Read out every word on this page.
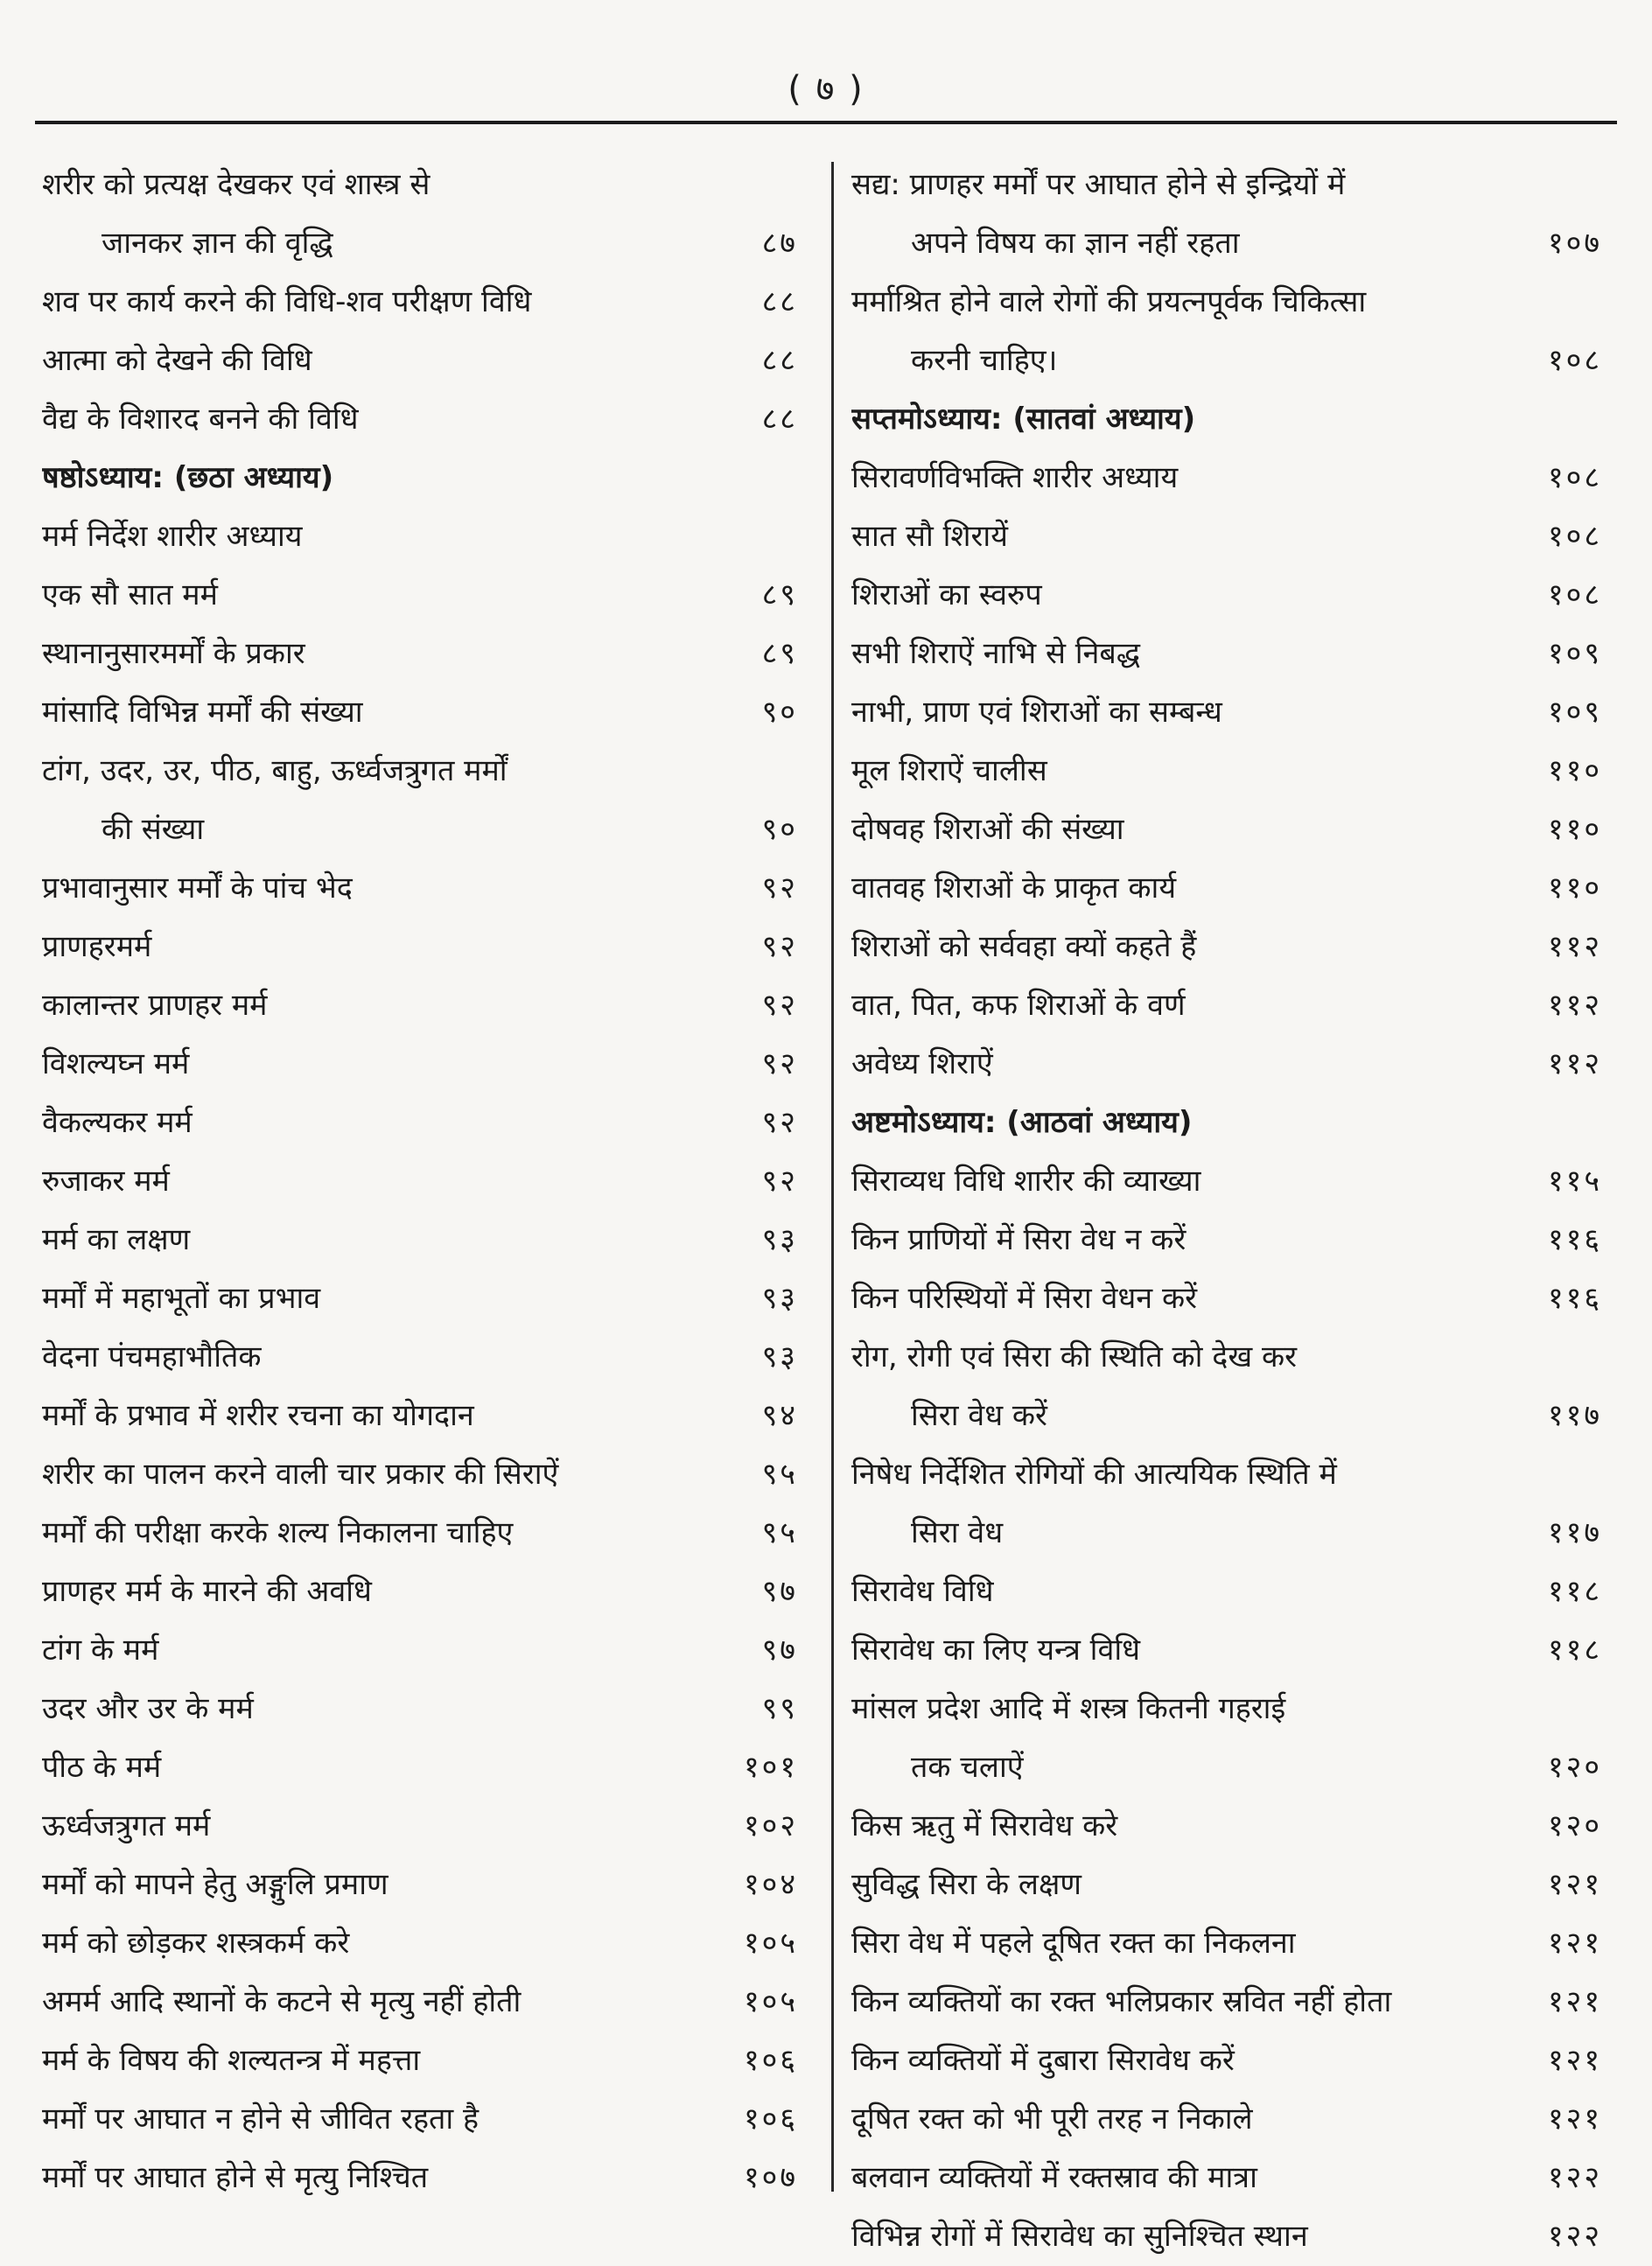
( ७ )
शरीर को प्रत्यक्ष देखकर एवं शास्त्र से
जानकर ज्ञान की वृद्धि	८७
शव पर कार्य करने की विधि-शव परीक्षण विधि	८८
आत्मा को देखने की विधि	८८
वैद्य के विशारद बनने की विधि	८८
षष्ठोऽध्याय: (छठा अध्याय)
मर्म निर्देश शारीर अध्याय
एक सौ सात मर्म	८९
स्थानानुसारमर्मों के प्रकार	८९
मांसादि विभिन्न मर्मों की संख्या	९०
टांग, उदर, उर, पीठ, बाहु, ऊर्ध्वजत्रुगत मर्मों
की संख्या	९०
प्रभावानुसार मर्मों के पांच भेद	९२
प्राणहरमर्म	९२
कालान्तर प्राणहर मर्म	९२
विशल्यघ्न मर्म	९२
वैकल्यकर मर्म	९२
रुजाकर मर्म	९२
मर्म का लक्षण	९३
मर्मों में महाभूतों का प्रभाव	९३
वेदना पंचमहाभौतिक	९३
मर्मों के प्रभाव में शरीर रचना का योगदान	९४
शरीर का पालन करने वाली चार प्रकार की सिराऐं	९५
मर्मों की परीक्षा करके शल्य निकालना चाहिए	९५
प्राणहर मर्म के मारने की अवधि	९७
टांग के मर्म	९७
उदर और उर के मर्म	९९
पीठ के मर्म	१०१
ऊर्ध्वजत्रुगत मर्म	१०२
मर्मों को मापने हेतु अङ्गुलि प्रमाण	१०४
मर्म को छोड़कर शस्त्रकर्म करे	१०५
अमर्म आदि स्थानों के कटने से मृत्यु नहीं होती	१०५
मर्म के विषय की शल्यतन्त्र में महत्ता	१०६
मर्मों पर आघात न होने से जीवित रहता है	१०६
मर्मों पर आघात होने से मृत्यु निश्चित	१०७
सद्य: प्राणहर मर्मों पर आघात होने से इन्द्रियों में
अपने विषय का ज्ञान नहीं रहता	१०७
मर्माश्रित होने वाले रोगों की प्रयत्नपूर्वक चिकित्सा
करनी चाहिए।	१०८
सप्तमोऽध्याय: (सातवां अध्याय)
सिरावर्णविभक्ति शारीर अध्याय	१०८
सात सौ शिरायें	१०८
शिराओं का स्वरुप	१०८
सभी शिराऐं नाभि से निबद्ध	१०९
नाभी, प्राण एवं शिराओं का सम्बन्ध	१०९
मूल शिराऐं चालीस	११०
दोषवह शिराओं की संख्या	११०
वातवह शिराओं के प्राकृत कार्य	११०
शिराओं को सर्ववहा क्यों कहते हैं	११२
वात, पित, कफ शिराओं के वर्ण	११२
अवेध्य शिराऐं	११२
अष्टमोऽध्याय: (आठवां अध्याय)
सिराव्यध विधि शारीर की व्याख्या	११५
किन प्राणियों में सिरा वेध न करें	११६
किन परिस्थियों में सिरा वेधन करें	११६
रोग, रोगी एवं सिरा की स्थिति को देख कर
सिरा वेध करें	११७
निषेध निर्देशित रोगियों की आत्ययिक स्थिति में
सिरा वेध	११७
सिरावेध विधि	११८
सिरावेध का लिए यन्त्र विधि	११८
मांसल प्रदेश आदि में शस्त्र कितनी गहराई
तक चलाऐं	१२०
किस ऋतु में सिरावेध करे	१२०
सुविद्ध सिरा के लक्षण	१२१
सिरा वेध में पहले दूषित रक्त का निकलना	१२१
किन व्यक्तियों का रक्त भलिप्रकार स्रवित नहीं होता	१२१
किन व्यक्तियों में दुबारा सिरावेध करें	१२१
दूषित रक्त को भी पूरी तरह न निकाले	१२१
बलवान व्यक्तियों में रक्तस्राव की मात्रा	१२२
विभिन्न रोगों में सिरावेध का सुनिश्चित स्थान	१२२
